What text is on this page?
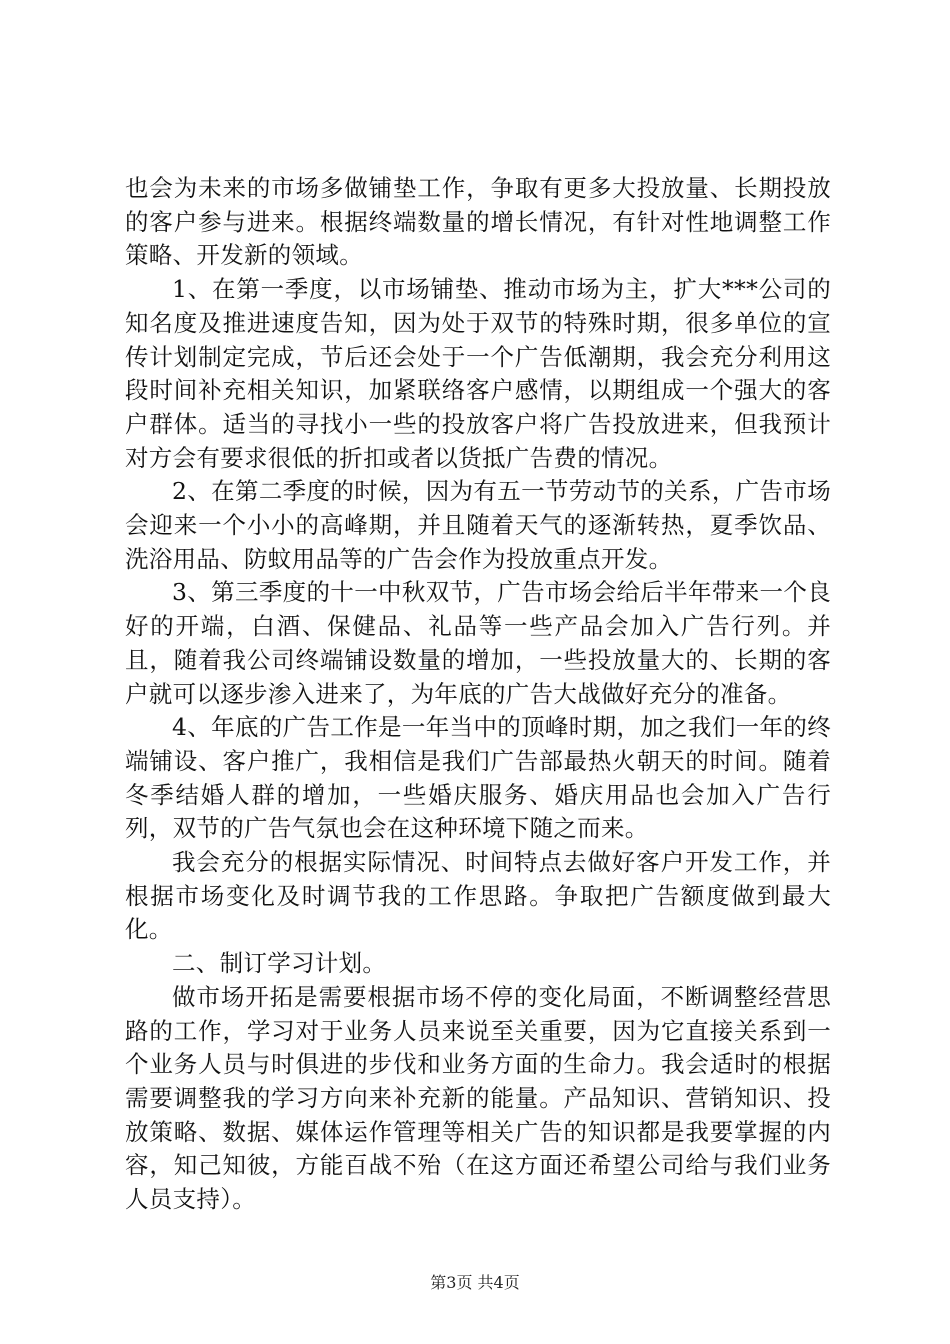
也会为未来的市场多做铺垫工作，争取有更多大投放量、长期投放的客户参与进来。根据终端数量的增长情况，有针对性地调整工作策略、开发新的领域。

1、在第一季度，以市场铺垫、推动市场为主，扩大***公司的知名度及推进速度告知，因为处于双节的特殊时期，很多单位的宣传计划制定完成，节后还会处于一个广告低潮期，我会充分利用这段时间补充相关知识，加紧联络客户感情，以期组成一个强大的客户群体。适当的寻找小一些的投放客户将广告投放进来，但我预计对方会有要求很低的折扣或者以货抵广告费的情况。

2、在第二季度的时候，因为有五一节劳动节的关系，广告市场会迎来一个小小的高峰期，并且随着天气的逐渐转热，夏季饮品、洗浴用品、防蚊用品等的广告会作为投放重点开发。

3、第三季度的十一中秋双节，广告市场会给后半年带来一个良好的开端，白酒、保健品、礼品等一些产品会加入广告行列。并且，随着我公司终端铺设数量的增加，一些投放量大的、长期的客户就可以逐步渗入进来了，为年底的广告大战做好充分的准备。

4、年底的广告工作是一年当中的顶峰时期，加之我们一年的终端铺设、客户推广，我相信是我们广告部最热火朝天的时间。随着冬季结婚人群的增加，一些婚庆服务、婚庆用品也会加入广告行列，双节的广告气氛也会在这种环境下随之而来。

我会充分的根据实际情况、时间特点去做好客户开发工作，并根据市场变化及时调节我的工作思路。争取把广告额度做到最大化。

二、制订学习计划。

做市场开拓是需要根据市场不停的变化局面，不断调整经营思路的工作，学习对于业务人员来说至关重要，因为它直接关系到一个业务人员与时俱进的步伐和业务方面的生命力。我会适时的根据需要调整我的学习方向来补充新的能量。产品知识、营销知识、投放策略、数据、媒体运作管理等相关广告的知识都是我要掌握的内容，知己知彼，方能百战不殆（在这方面还希望公司给与我们业务人员支持）。

第3页 共4页
